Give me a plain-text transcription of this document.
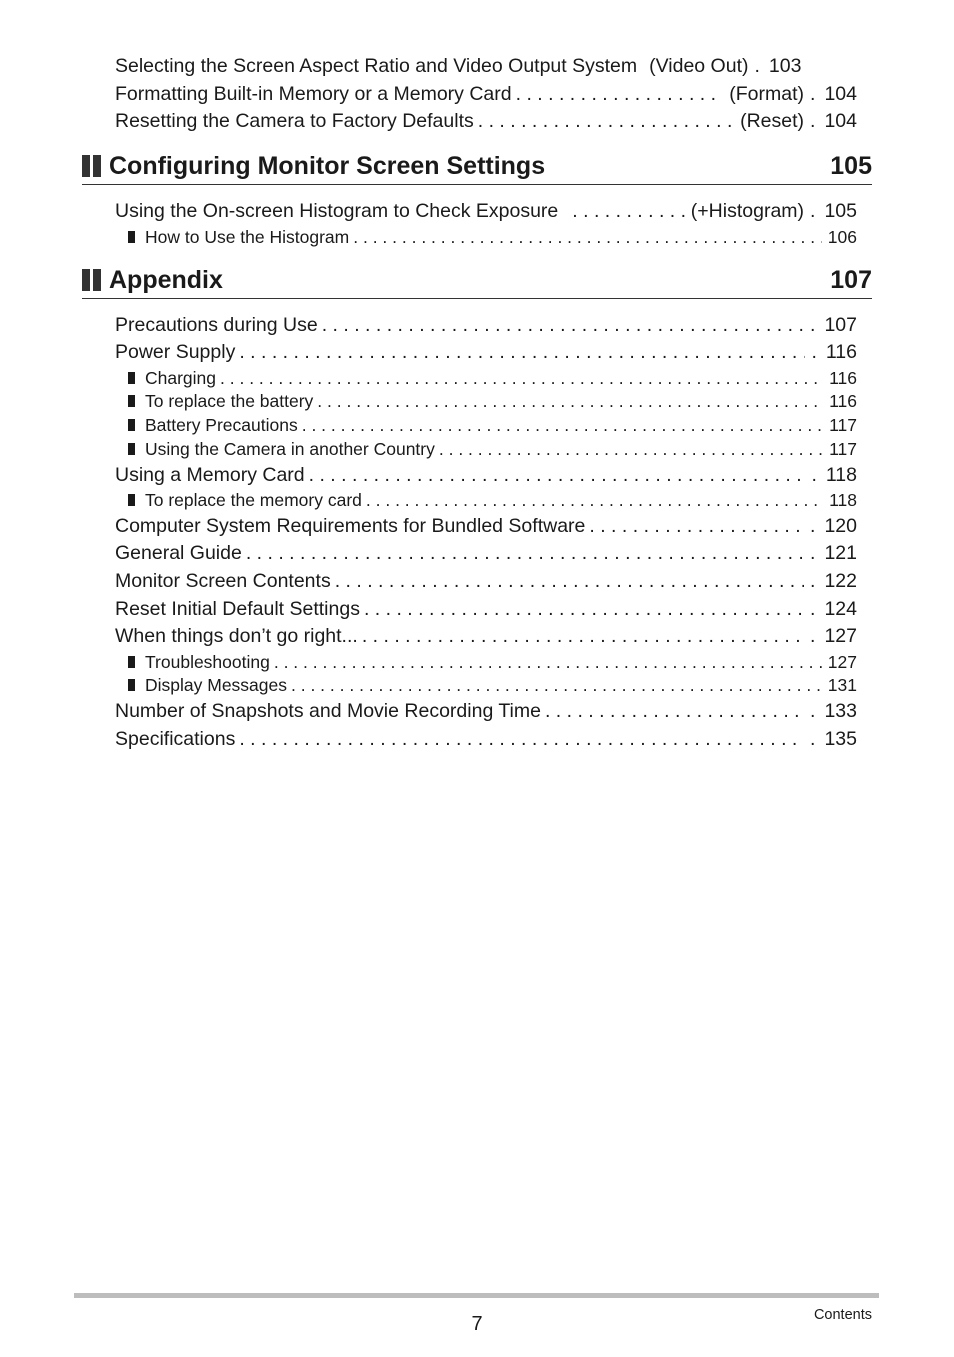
Selecting the Screen Aspect Ratio and Video Output System (Video Out) . 103
Formatting Built-in Memory or a Memory Card . . .	(Format) . 104
Resetting the Camera to Factory Defaults . . .	(Reset) . 104
Configuring Monitor Screen Settings	105
Using the On-screen Histogram to Check Exposure . . .	(+Histogram) . 105
How to Use the Histogram . . .	106
Appendix	107
Precautions during Use . . .	. 107
Power Supply . . .	. 116
Charging . . .	116
To replace the battery . . .	116
Battery Precautions . . .	117
Using the Camera in another Country . . .	117
Using a Memory Card . . .	. 118
To replace the memory card . . .	118
Computer System Requirements for Bundled Software . . .	. 120
General Guide . . .	. 121
Monitor Screen Contents . . .	. 122
Reset Initial Default Settings . . .	. 124
When things don’t go right... . . .	. 127
Troubleshooting . . .	127
Display Messages . . .	131
Number of Snapshots and Movie Recording Time . . .	. 133
Specifications . . .	. 135
7	Contents
